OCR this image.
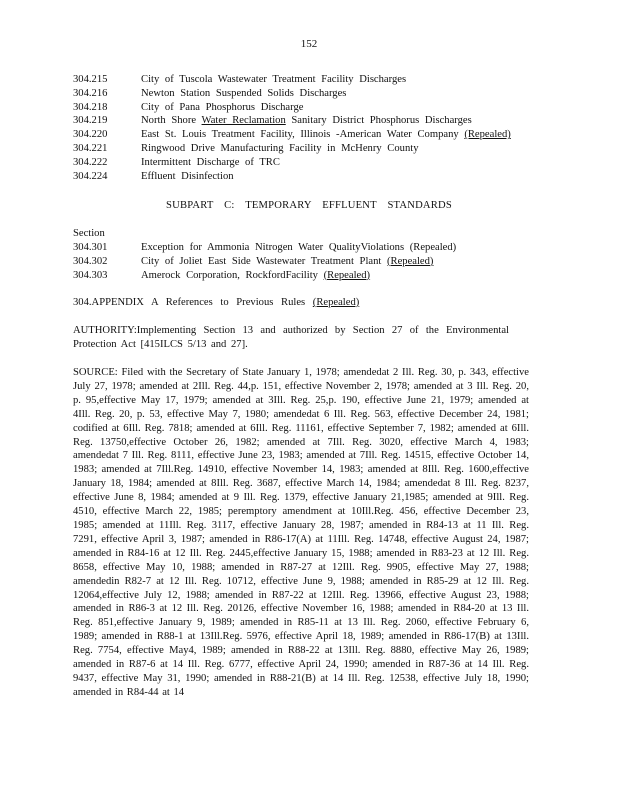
152
304.215	City of Tuscola Wastewater Treatment Facility Discharges
304.216	Newton Station Suspended Solids Discharges
304.218	City of Pana Phosphorus Discharge
304.219	North Shore Water Reclamation Sanitary District Phosphorus Discharges
304.220	East St. Louis Treatment Facility, Illinois -American Water Company (Repealed)
304.221	Ringwood Drive Manufacturing Facility in McHenry County
304.222	Intermittent Discharge of TRC
304.224	Effluent Disinfection
SUBPART C: TEMPORARY EFFLUENT STANDARDS
Section
304.301	Exception for Ammonia Nitrogen Water QualityViolations (Repealed)
304.302	City of Joliet East Side Wastewater Treatment Plant (Repealed)
304.303	Amerock Corporation, RockfordFacility (Repealed)
304.APPENDIX A References to Previous Rules (Repealed)
AUTHORITY:Implementing Section 13 and authorized by Section 27 of the Environmental Protection Act [415ILCS 5/13 and 27].
SOURCE: Filed with the Secretary of State January 1, 1978; amendedat 2 Ill. Reg. 30, p. 343, effective July 27, 1978; amended at 2Ill. Reg. 44,p. 151, effective November 2, 1978; amended at 3 Ill. Reg. 20, p. 95,effective May 17, 1979; amended at 3Ill. Reg. 25,p. 190, effective June 21, 1979; amended at 4Ill. Reg. 20, p. 53, effective May 7, 1980; amendedat 6 Ill. Reg. 563, effective December 24, 1981; codified at 6Ill. Reg. 7818; amended at 6Ill. Reg. 11161, effective September 7, 1982; amended at 6Ill. Reg. 13750,effective October 26, 1982; amended at 7Ill. Reg. 3020, effective March 4, 1983; amendedat 7 Ill. Reg. 8111, effective June 23, 1983; amended at 7Ill. Reg. 14515, effective October 14, 1983; amended at 7Ill.Reg. 14910, effective November 14, 1983; amended at 8Ill. Reg. 1600,effective January 18, 1984; amended at 8Ill. Reg. 3687, effective March 14, 1984; amendedat 8 Ill. Reg. 8237, effective June 8, 1984; amended at 9 Ill. Reg. 1379, effective January 21,1985; amended at 9Ill. Reg. 4510, effective March 22, 1985; peremptory amendment at 10Ill.Reg. 456, effective December 23, 1985; amended at 11Ill. Reg. 3117, effective January 28, 1987; amended in R84-13 at 11 Ill. Reg. 7291, effective April 3, 1987; amended in R86-17(A) at 11Ill. Reg. 14748, effective August 24, 1987; amended in R84-16 at 12 Ill. Reg. 2445,effective January 15, 1988; amended in R83-23 at 12 Ill. Reg. 8658, effective May 10, 1988; amended in R87-27 at 12Ill. Reg. 9905, effective May 27, 1988; amendedin R82-7 at 12 Ill. Reg. 10712, effective June 9, 1988; amended in R85-29 at 12 Ill. Reg. 12064,effective July 12, 1988; amended in R87-22 at 12Ill. Reg. 13966, effective August 23, 1988; amended in R86-3 at 12 Ill. Reg. 20126, effective November 16, 1988; amended in R84-20 at 13 Ill. Reg. 851,effective January 9, 1989; amended in R85-11 at 13 Ill. Reg. 2060, effective February 6, 1989; amended in R88-1 at 13Ill.Reg. 5976, effective April 18, 1989; amended in R86-17(B) at 13Ill. Reg. 7754, effective May4, 1989; amended in R88-22 at 13Ill. Reg. 8880, effective May 26, 1989; amended in R87-6 at 14 Ill. Reg. 6777, effective April 24, 1990; amended in R87-36 at 14 Ill. Reg. 9437, effective May 31, 1990; amended in R88-21(B) at 14 Ill. Reg. 12538, effective July 18, 1990; amended in R84-44 at 14
